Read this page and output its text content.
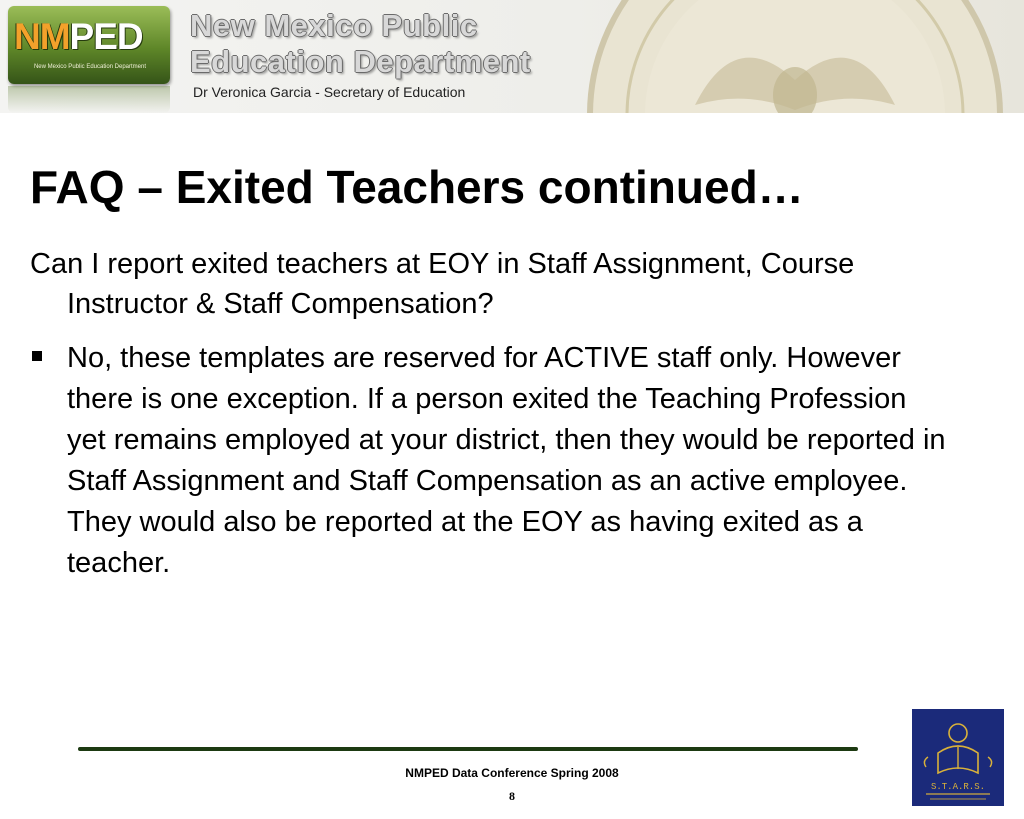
NMPED
New Mexico Public Education Department
New Mexico Public
Education Department
Dr Veronica Garcia - Secretary of Education
FAQ – Exited Teachers continued…
Can I report exited teachers at EOY in Staff Assignment, Course Instructor & Staff Compensation?
No, these templates are reserved for ACTIVE staff only. However there is one exception. If a person exited the Teaching Profession yet remains employed at your district, then they would be reported in Staff Assignment and Staff Compensation as an active employee. They would also be reported at the EOY as having exited as a teacher.
NMPED Data Conference Spring 2008
8
S.T.A.R.S.
